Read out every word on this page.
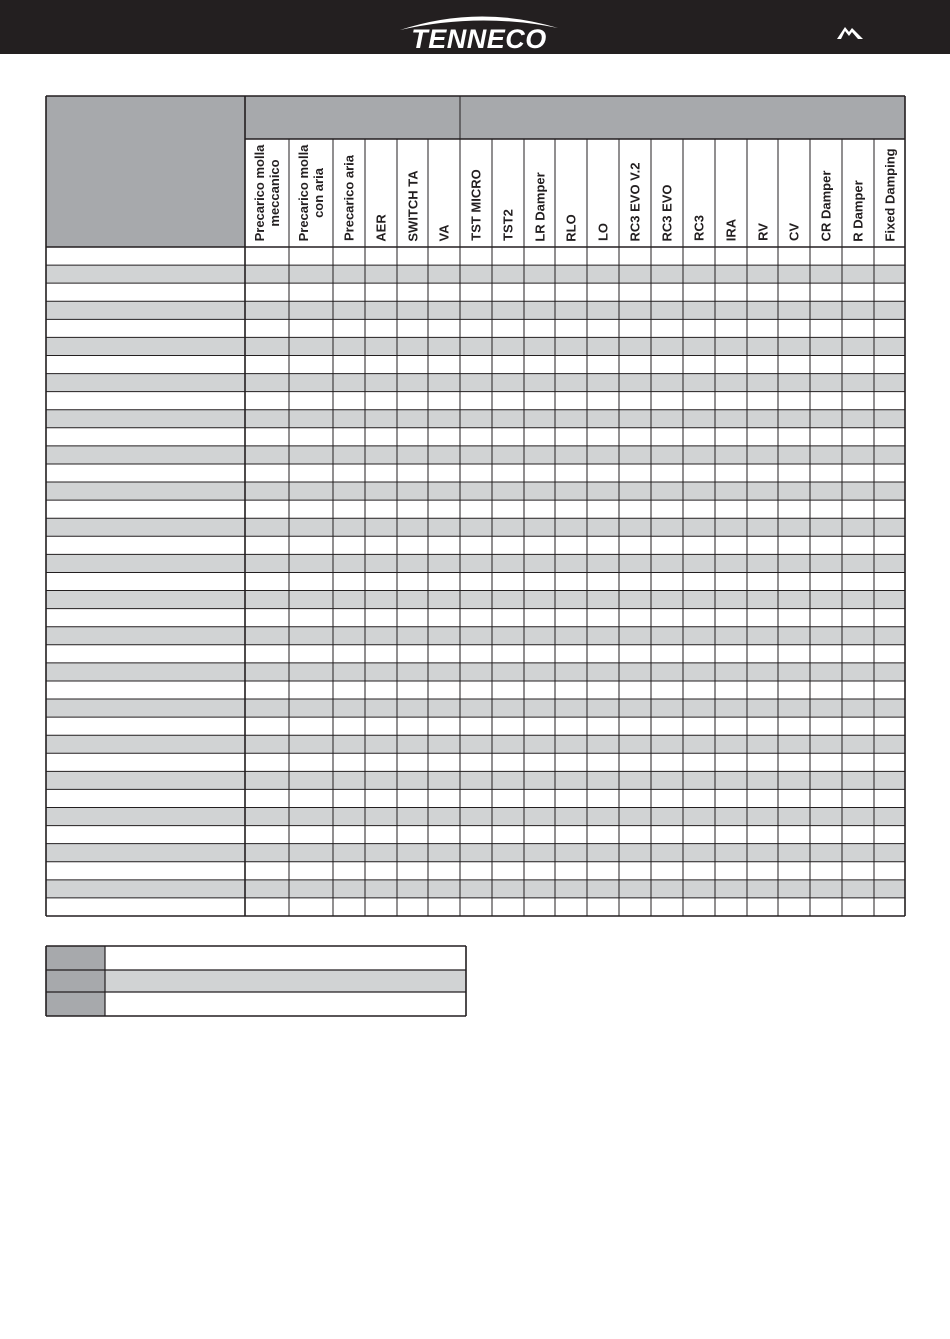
TENNECO
Precarico molla
meccanico Precarico molla
con aria Precarico aria AER SWITCH TA VA TST MICRO TST2 LR Damper RLO LO RC3 EVO V.2 RC3 EVO RC3 IRA RV CV CR Damper R Damper Fixed Damping
